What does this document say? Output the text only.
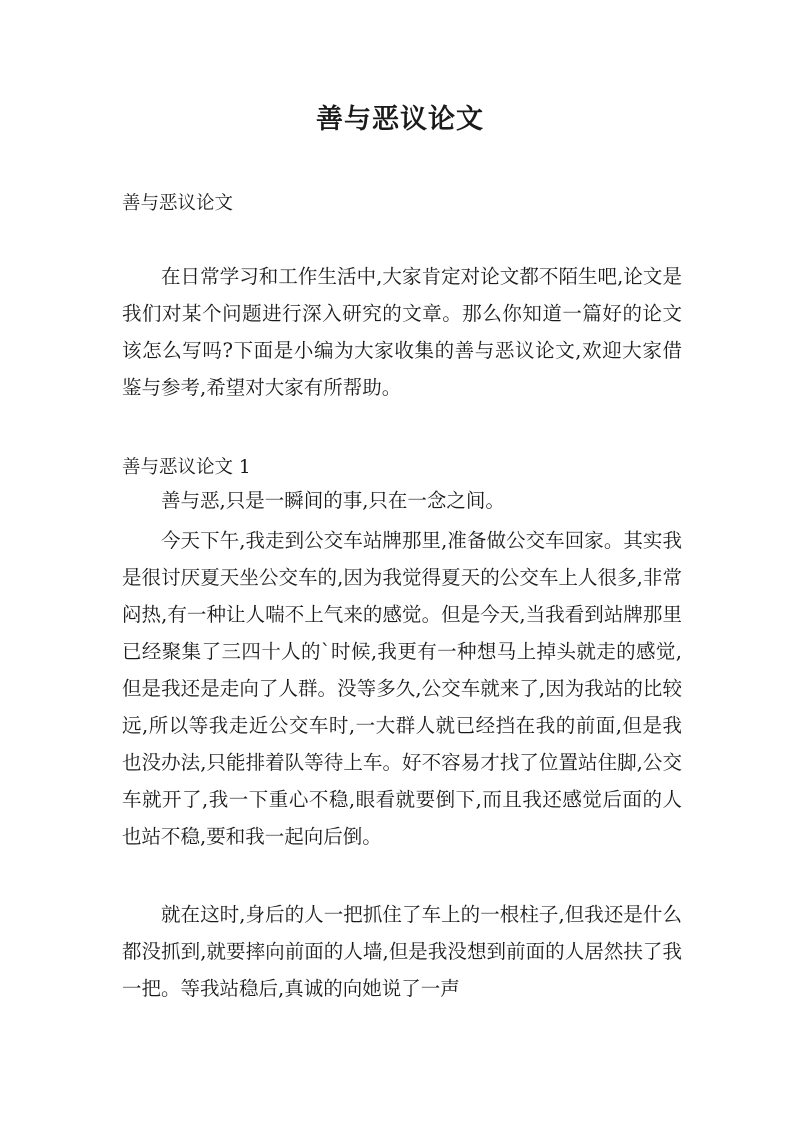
善与恶议论文

善与恶议论文

在日常学习和工作生活中,大家肯定对论文都不陌生吧,论文是我们对某个问题进行深入研究的文章。那么你知道一篇好的论文该怎么写吗?下面是小编为大家收集的善与恶议论文,欢迎大家借鉴与参考,希望对大家有所帮助。

善与恶议论文 1

善与恶,只是一瞬间的事,只在一念之间。

今天下午,我走到公交车站牌那里,准备做公交车回家。其实我是很讨厌夏天坐公交车的,因为我觉得夏天的公交车上人很多,非常闷热,有一种让人喘不上气来的感觉。但是今天,当我看到站牌那里已经聚集了三四十人的`时候,我更有一种想马上掉头就走的感觉,但是我还是走向了人群。没等多久,公交车就来了,因为我站的比较远,所以等我走近公交车时,一大群人就已经挡在我的前面,但是我也没办法,只能排着队等待上车。好不容易才找了位置站住脚,公交车就开了,我一下重心不稳,眼看就要倒下,而且我还感觉后面的人也站不稳,要和我一起向后倒。

就在这时,身后的人一把抓住了车上的一根柱子,但我还是什么都没抓到,就要摔向前面的人墙,但是我没想到前面的人居然扶了我一把。等我站稳后,真诚的向她说了一声
